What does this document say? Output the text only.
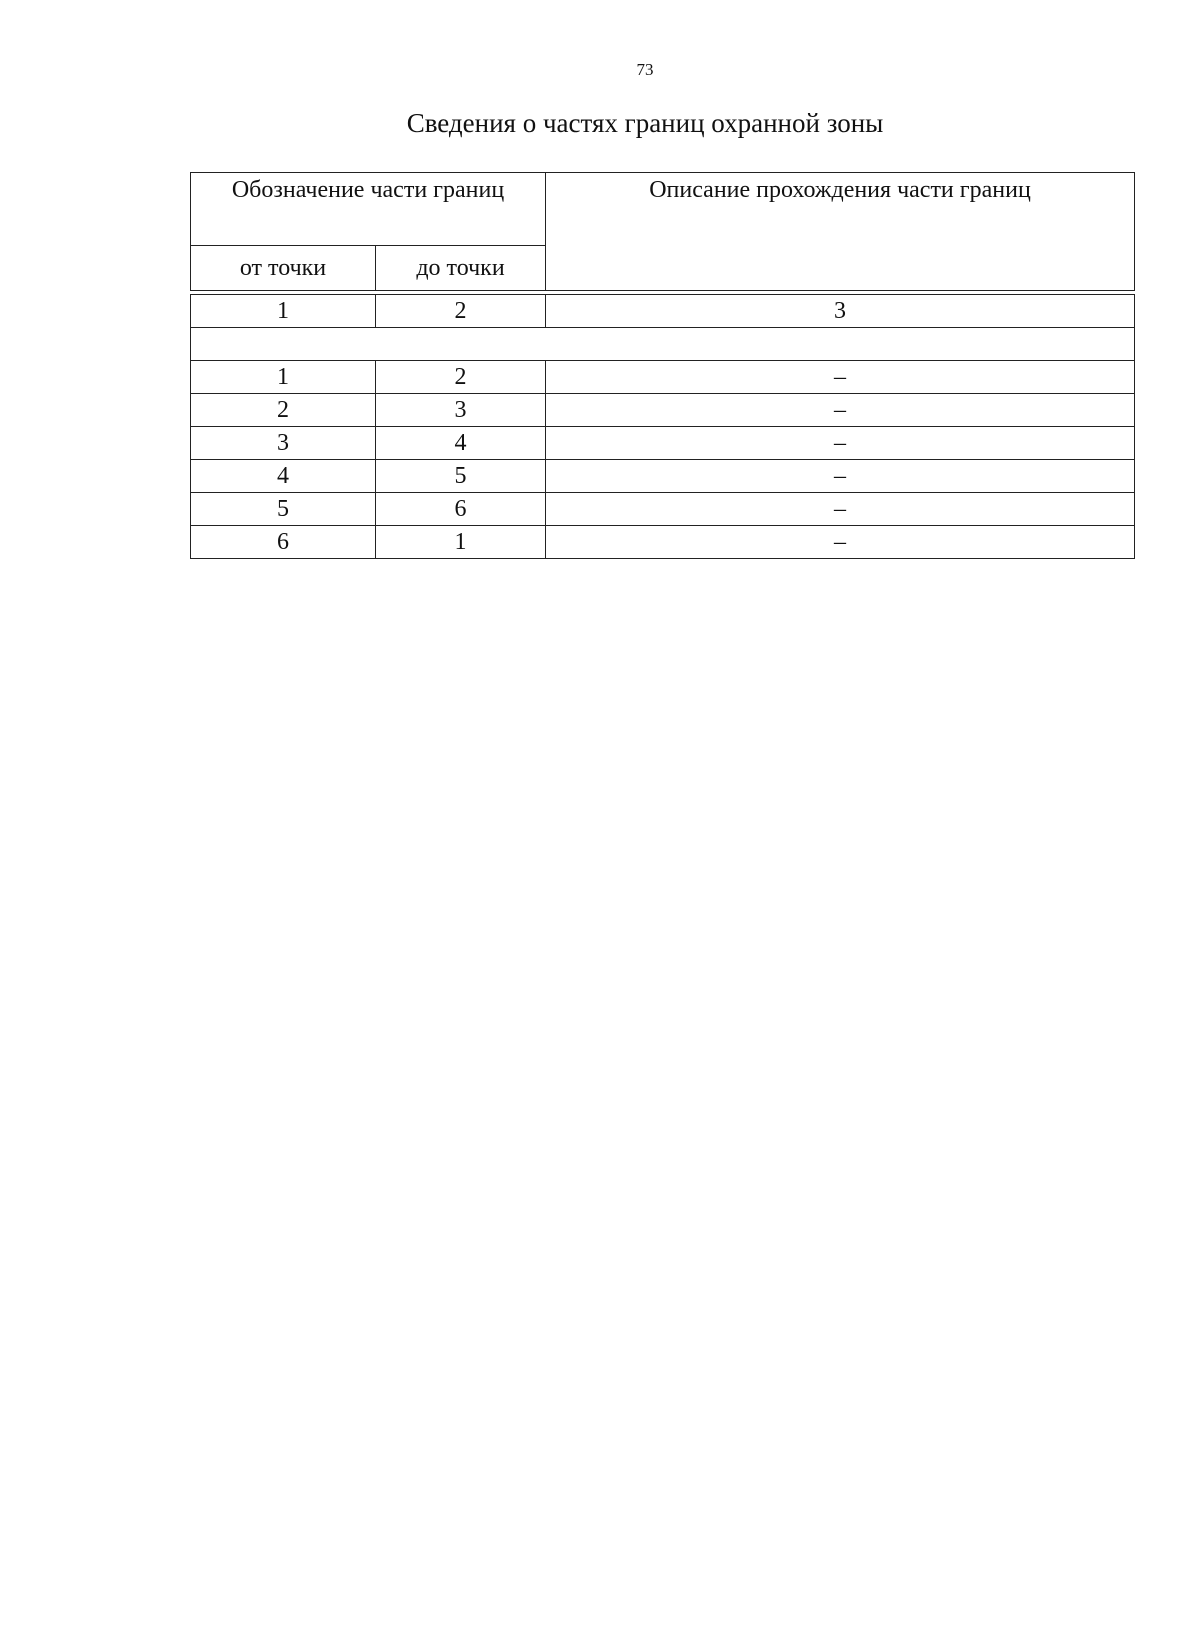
73
Сведения о частях границ охранной зоны
Обозначение части границ		Описание прохождения части границ
от точки	до точки	

1	2	3

1	2	–
2	3	–
3	4	–
4	5	–
5	6	–
6	1	–
